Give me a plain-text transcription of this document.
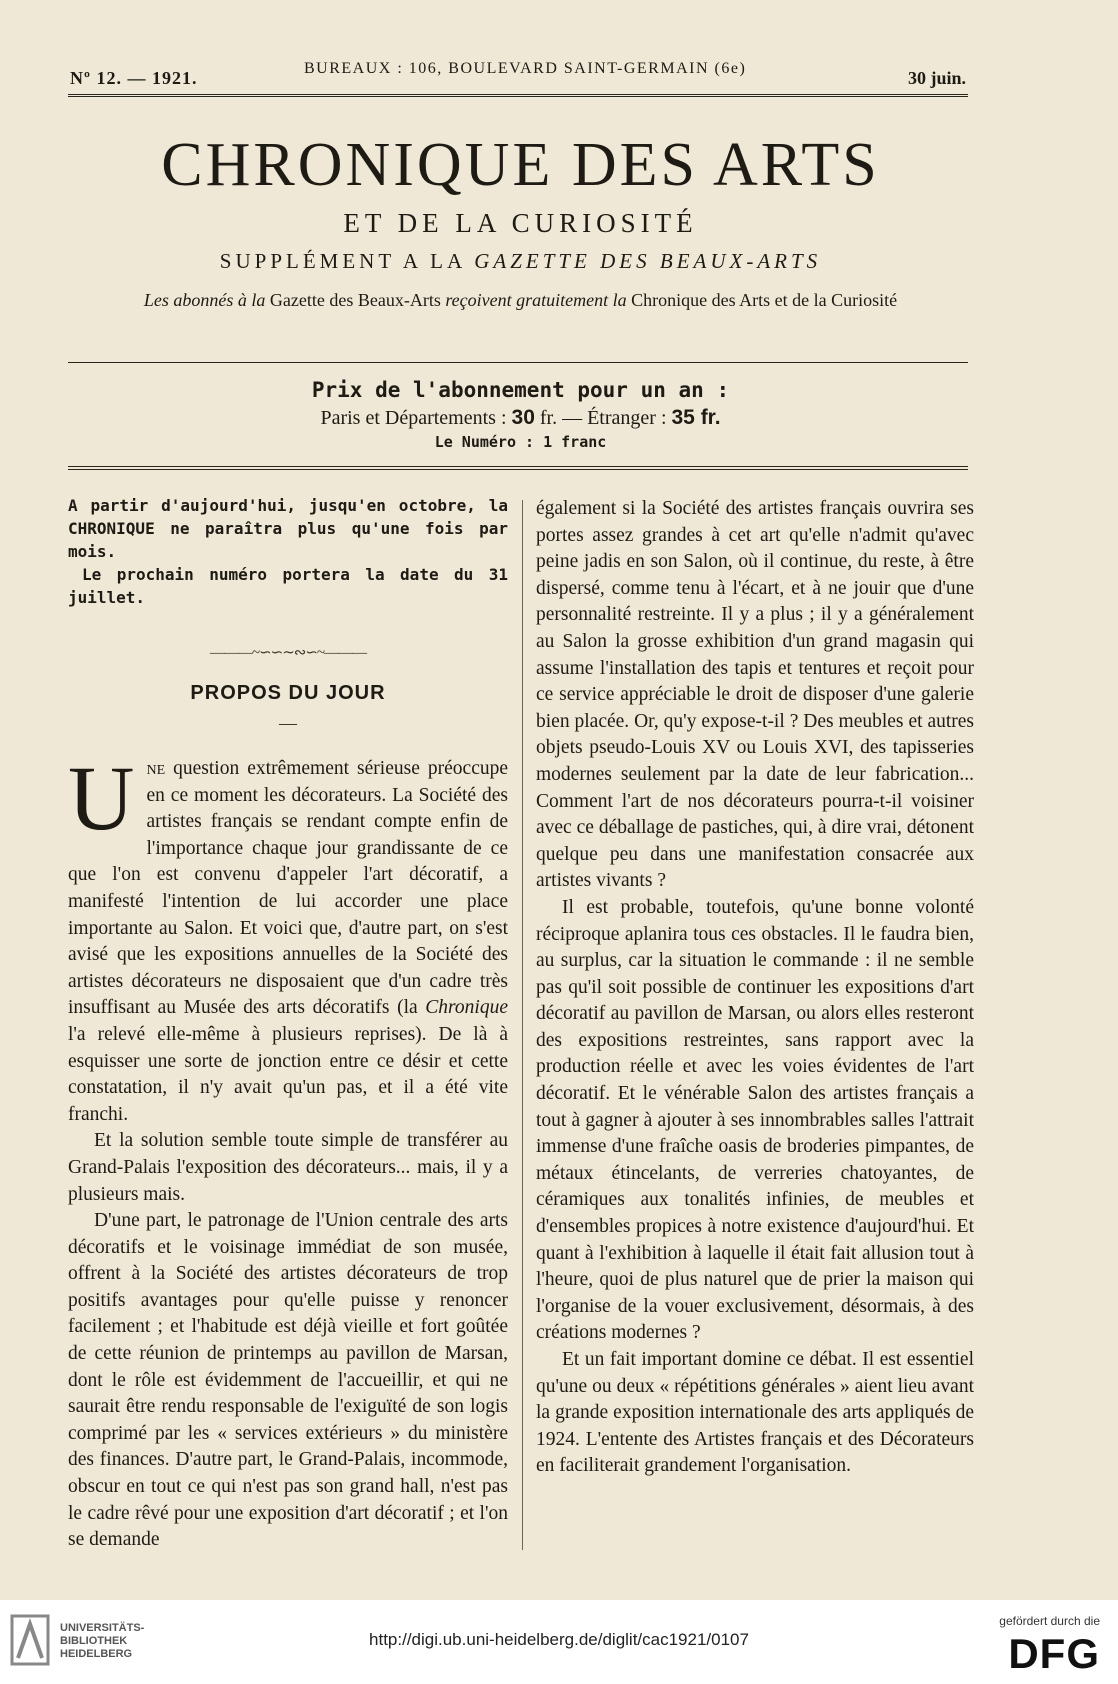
Nº 12. — 1921.	BUREAUX : 106, BOULEVARD SAINT-GERMAIN (6e)	30 juin.
CHRONIQUE DES ARTS
ET DE LA CURIOSITÉ
SUPPLÉMENT A LA GAZETTE DES BEAUX-ARTS
Les abonnés à la Gazette des Beaux-Arts reçoivent gratuitement la Chronique des Arts et de la Curiosité
Prix de l'abonnement pour un an :
Paris et Départements : 30 fr. — Étranger : 35 fr.
Le Numéro : 1 franc

A partir d'aujourd'hui, jusqu'en octobre, la CHRONIQUE ne paraîtra plus qu'une fois par mois.

Le prochain numéro portera la date du 31 juillet.

———~∽∽∼∾∽~———
PROPOS DU JOUR
—

Une question extrêmement sérieuse préoccupe en ce moment les décorateurs. La Société des artistes français se rendant compte enfin de l'importance chaque jour grandissante de ce que l'on est convenu d'appeler l'art décoratif, a manifesté l'intention de lui accorder une place importante au Salon. Et voici que, d'autre part, on s'est avisé que les expositions annuelles de la Société des artistes décorateurs ne disposaient que d'un cadre très insuffisant au Musée des arts décoratifs (la Chronique l'a relevé elle-même à plusieurs reprises). De là à esquisser une sorte de jonction entre ce désir et cette constatation, il n'y avait qu'un pas, et il a été vite franchi.

Et la solution semble toute simple de transférer au Grand-Palais l'exposition des décorateurs... mais, il y a plusieurs mais.

D'une part, le patronage de l'Union centrale des arts décoratifs et le voisinage immédiat de son musée, offrent à la Société des artistes décorateurs de trop positifs avantages pour qu'elle puisse y renoncer facilement ; et l'habitude est déjà vieille et fort goûtée de cette réunion de printemps au pavillon de Marsan, dont le rôle est évidemment de l'accueillir, et qui ne saurait être rendu responsable de l'exiguïté de son logis comprimé par les « services extérieurs » du ministère des finances. D'autre part, le Grand-Palais, incommode, obscur en tout ce qui n'est pas son grand hall, n'est pas le cadre rêvé pour une exposition d'art décoratif ; et l'on se demande

également si la Société des artistes français ouvrira ses portes assez grandes à cet art qu'elle n'admit qu'avec peine jadis en son Salon, où il continue, du reste, à être dispersé, comme tenu à l'écart, et à ne jouir que d'une personnalité restreinte. Il y a plus ; il y a généralement au Salon la grosse exhibition d'un grand magasin qui assume l'installation des tapis et tentures et reçoit pour ce service appréciable le droit de disposer d'une galerie bien placée. Or, qu'y expose-t-il ? Des meubles et autres objets pseudo-Louis XV ou Louis XVI, des tapisseries modernes seulement par la date de leur fabrication... Comment l'art de nos décorateurs pourra-t-il voisiner avec ce déballage de pastiches, qui, à dire vrai, détonent quelque peu dans une manifestation consacrée aux artistes vivants ?

Il est probable, toutefois, qu'une bonne volonté réciproque aplanira tous ces obstacles. Il le faudra bien, au surplus, car la situation le commande : il ne semble pas qu'il soit possible de continuer les expositions d'art décoratif au pavillon de Marsan, ou alors elles resteront des expositions restreintes, sans rapport avec la production réelle et avec les voies évidentes de l'art décoratif. Et le vénérable Salon des artistes français a tout à gagner à ajouter à ses innombrables salles l'attrait immense d'une fraîche oasis de broderies pimpantes, de métaux étincelants, de verreries chatoyantes, de céramiques aux tonalités infinies, de meubles et d'ensembles propices à notre existence d'aujourd'hui. Et quant à l'exhibition à laquelle il était fait allusion tout à l'heure, quoi de plus naturel que de prier la maison qui l'organise de la vouer exclusivement, désormais, à des créations modernes ?

Et un fait important domine ce débat. Il est essentiel qu'une ou deux « répétitions générales » aient lieu avant la grande exposition internationale des arts appliqués de 1924. L'entente des Artistes français et des Décorateurs en faciliterait grandement l'organisation.

UNIVERSITÄTS-
BIBLIOTHEK
HEIDELBERG
http://digi.ub.uni-heidelberg.de/diglit/cac1921/0107
gefördert durch die
DFG
